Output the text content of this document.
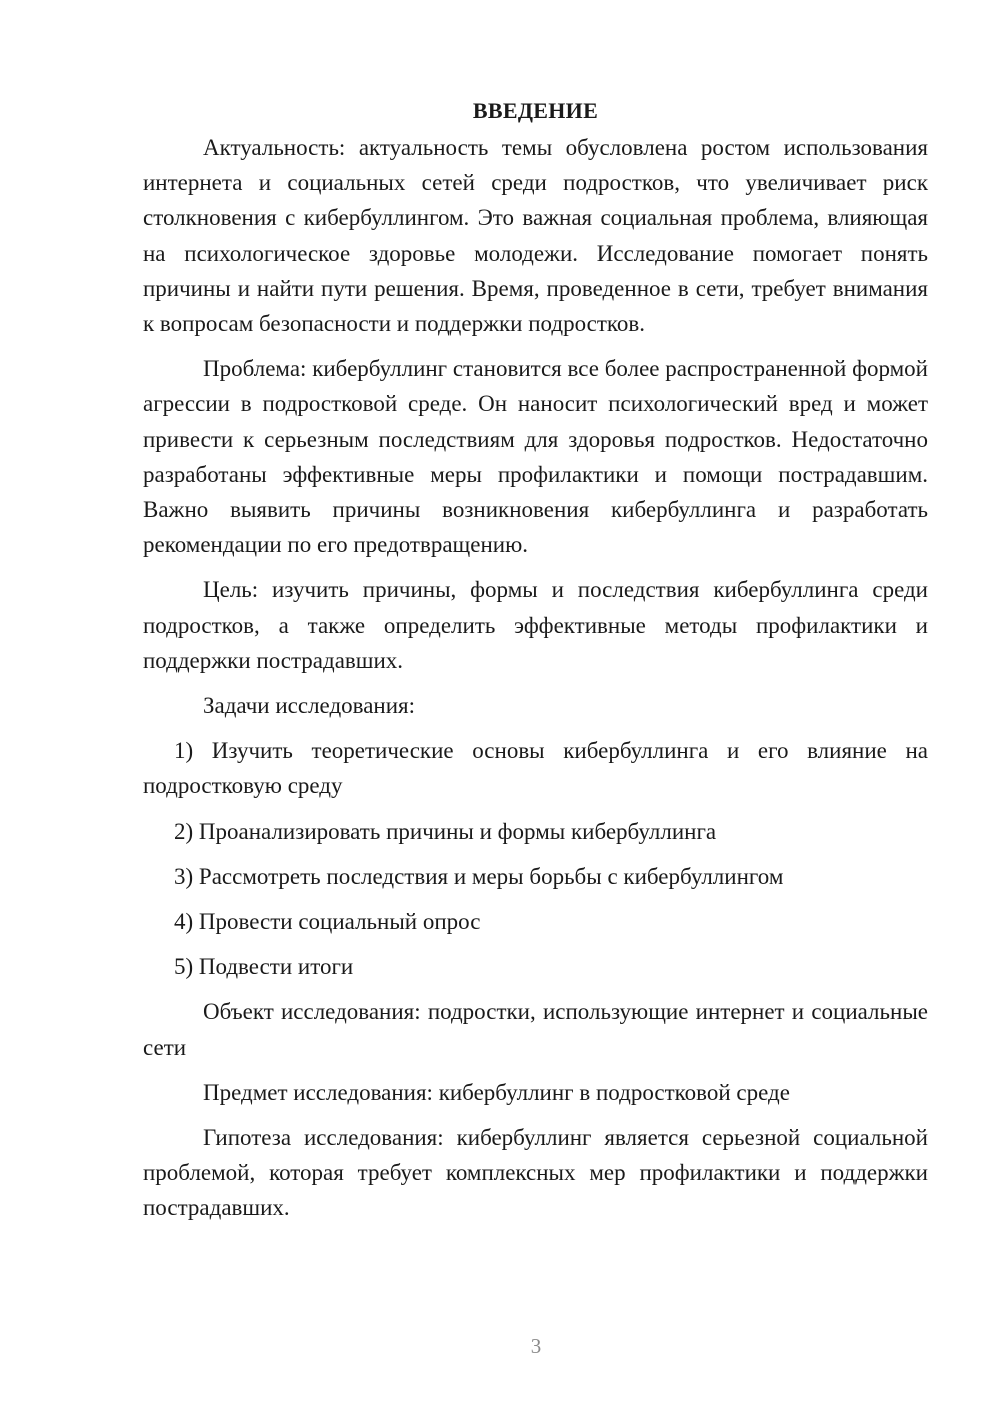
ВВЕДЕНИЕ

Актуальность: актуальность темы обусловлена ростом использования интернета и социальных сетей среди подростков, что увеличивает риск столкновения с кибербуллингом. Это важная социальная проблема, влияющая на психологическое здоровье молодежи. Исследование помогает понять причины и найти пути решения. Время, проведенное в сети, требует внимания к вопросам безопасности и поддержки подростков.

Проблема: кибербуллинг становится все более распространенной формой агрессии в подростковой среде. Он наносит психологический вред и может привести к серьезным последствиям для здоровья подростков. Недостаточно разработаны эффективные меры профилактики и помощи пострадавшим. Важно выявить причины возникновения кибербуллинга и разработать рекомендации по его предотвращению.

Цель: изучить причины, формы и последствия кибербуллинга среди подростков, а также определить эффективные методы профилактики и поддержки пострадавших.

Задачи исследования:

1) Изучить теоретические основы кибербуллинга и его влияние на подростковую среду

2) Проанализировать причины и формы кибербуллинга

3) Рассмотреть последствия и меры борьбы с кибербуллингом

4) Провести социальный опрос

5) Подвести итоги

Объект исследования: подростки, использующие интернет и социальные сети

Предмет исследования: кибербуллинг в подростковой среде

Гипотеза исследования: кибербуллинг является серьезной социальной проблемой, которая требует комплексных мер профилактики и поддержки пострадавших.

3
